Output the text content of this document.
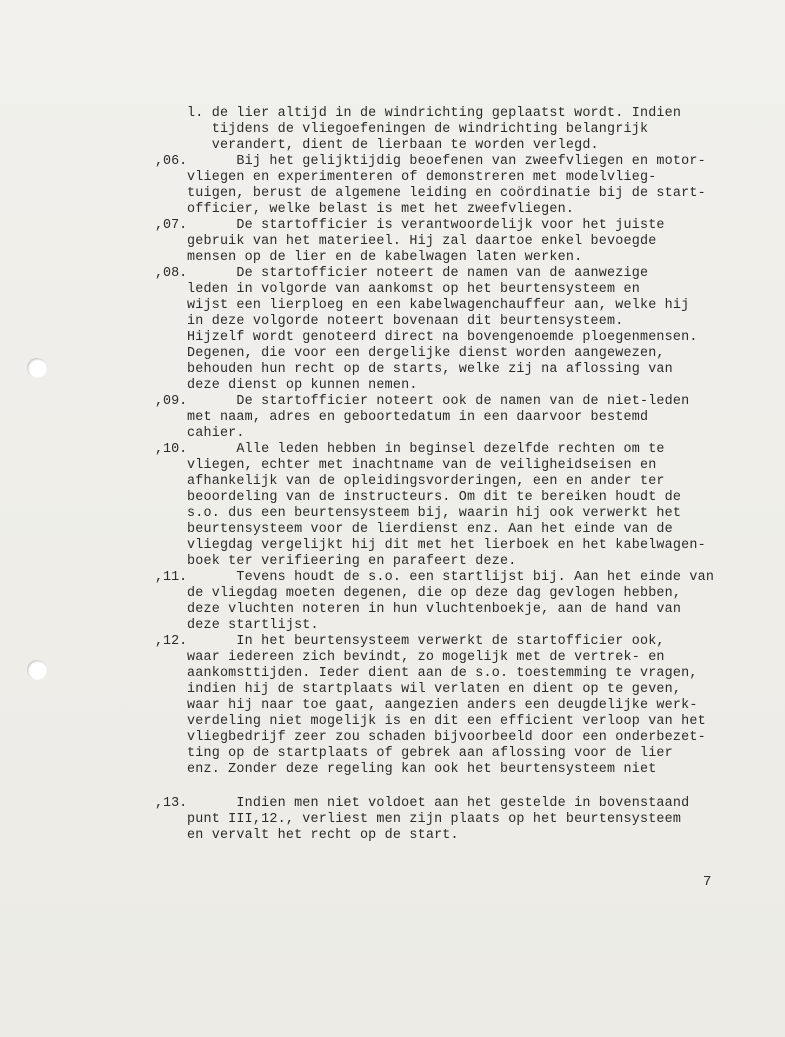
l. de lier altijd in de windrichting geplaatst wordt. Indien
tijdens de vliegoefeningen de windrichting belangrijk
verandert, dient de lierbaan te worden verlegd.
,06. Bij het gelijktijdig beoefenen van zweefvliegen en motor-
vliegen en experimenteren of demonstreren met modelvlieg-
tuigen, berust de algemene leiding en coördinatie bij de start-
officier, welke belast is met het zweefvliegen.
,07. De startofficier is verantwoordelijk voor het juiste
gebruik van het materieel. Hij zal daartoe enkel bevoegde
mensen op de lier en de kabelwagen laten werken.
,08. De startofficier noteert de namen van de aanwezige
leden in volgorde van aankomst op het beurtensysteem en
wijst een lierploeg en een kabelwagenchauffeur aan, welke hij
in deze volgorde noteert bovenaan dit beurtensysteem.
Hijzelf wordt genoteerd direct na bovengenoemde ploegenmensen.
Degenen, die voor een dergelijke dienst worden aangewezen,
behouden hun recht op de starts, welke zij na aflossing van
deze dienst op kunnen nemen.
,09. De startofficier noteert ook de namen van de niet-leden
met naam, adres en geboortedatum in een daarvoor bestemd
cahier.
,10. Alle leden hebben in beginsel dezelfde rechten om te
vliegen, echter met inachtname van de veiligheidseisen en
afhankelijk van de opleidingsvorderingen, een en ander ter
beoordeling van de instructeurs. Om dit te bereiken houdt de
s.o. dus een beurtensysteem bij, waarin hij ook verwerkt het
beurtensysteem voor de lierdienst enz. Aan het einde van de
vliegdag vergelijkt hij dit met het lierboek en het kabelwagen-
boek ter verifieering en parafeert deze.
,11. Tevens houdt de s.o. een startlijst bij. Aan het einde van
de vliegdag moeten degenen, die op deze dag gevlogen hebben,
deze vluchten noteren in hun vluchtenboekje, aan de hand van
deze startlijst.
,12. In het beurtensysteem verwerkt de startofficier ook,
waar iedereen zich bevindt, zo mogelijk met de vertrek- en
aankomsttijden. Ieder dient aan de s.o. toestemming te vragen,
indien hij de startplaats wil verlaten en dient op te geven,
waar hij naar toe gaat, aangezien anders een deugdelijke werk-
verdeling niet mogelijk is en dit een efficient verloop van het
vliegbedrijf zeer zou schaden bijvoorbeeld door een onderbezet-
ting op de startplaats of gebrek aan aflossing voor de lier
enz. Zonder deze regeling kan ook het beurtensysteem niet
,13. Indien men niet voldoet aan het gestelde in bovenstaand
punt III,12., verliest men zijn plaats op het beurtensysteem
en vervalt het recht op de start.
7
